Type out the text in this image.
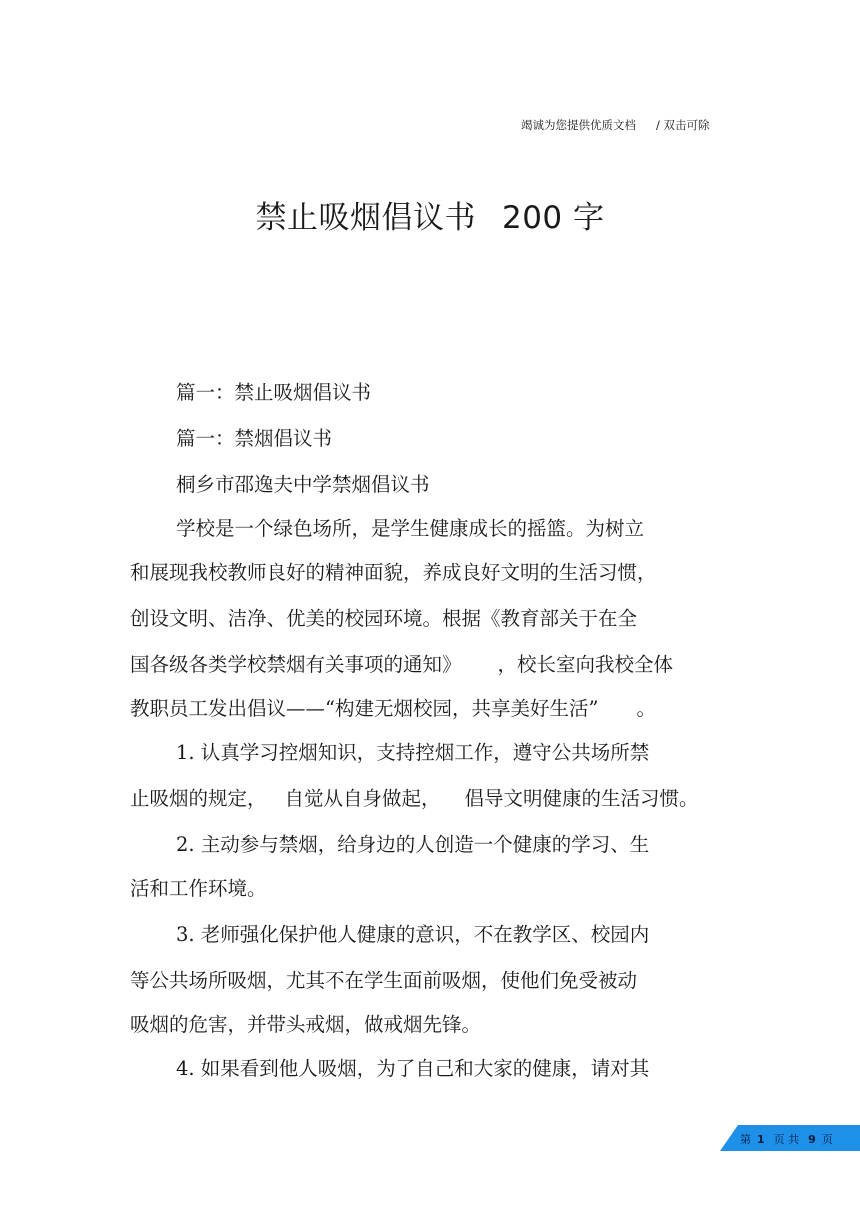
竭诚为您提供优质文档 / 双击可除
禁止吸烟倡议书 200 字
篇一：禁止吸烟倡议书
篇一：禁烟倡议书
桐乡市邵逸夫中学禁烟倡议书
学校是一个绿色场所，是学生健康成长的摇篮。为树立
和展现我校教师良好的精神面貌，养成良好文明的生活习惯，
创设文明、洁净、优美的校园环境。根据《教育部关于在全
国各级各类学校禁烟有关事项的通知》 ，校长室向我校全体
教职员工发出倡议——“构建无烟校园，共享美好生活” 。
1. 认真学习控烟知识，支持控烟工作，遵守公共场所禁
止吸烟的规定， 自觉从自身做起， 倡导文明健康的生活习惯。
2. 主动参与禁烟，给身边的人创造一个健康的学习、生
活和工作环境。
3. 老师强化保护他人健康的意识，不在教学区、校园内
等公共场所吸烟，尤其不在学生面前吸烟，使他们免受被动
吸烟的危害，并带头戒烟，做戒烟先锋。
4. 如果看到他人吸烟，为了自己和大家的健康，请对其
第 1 页 共 9 页
